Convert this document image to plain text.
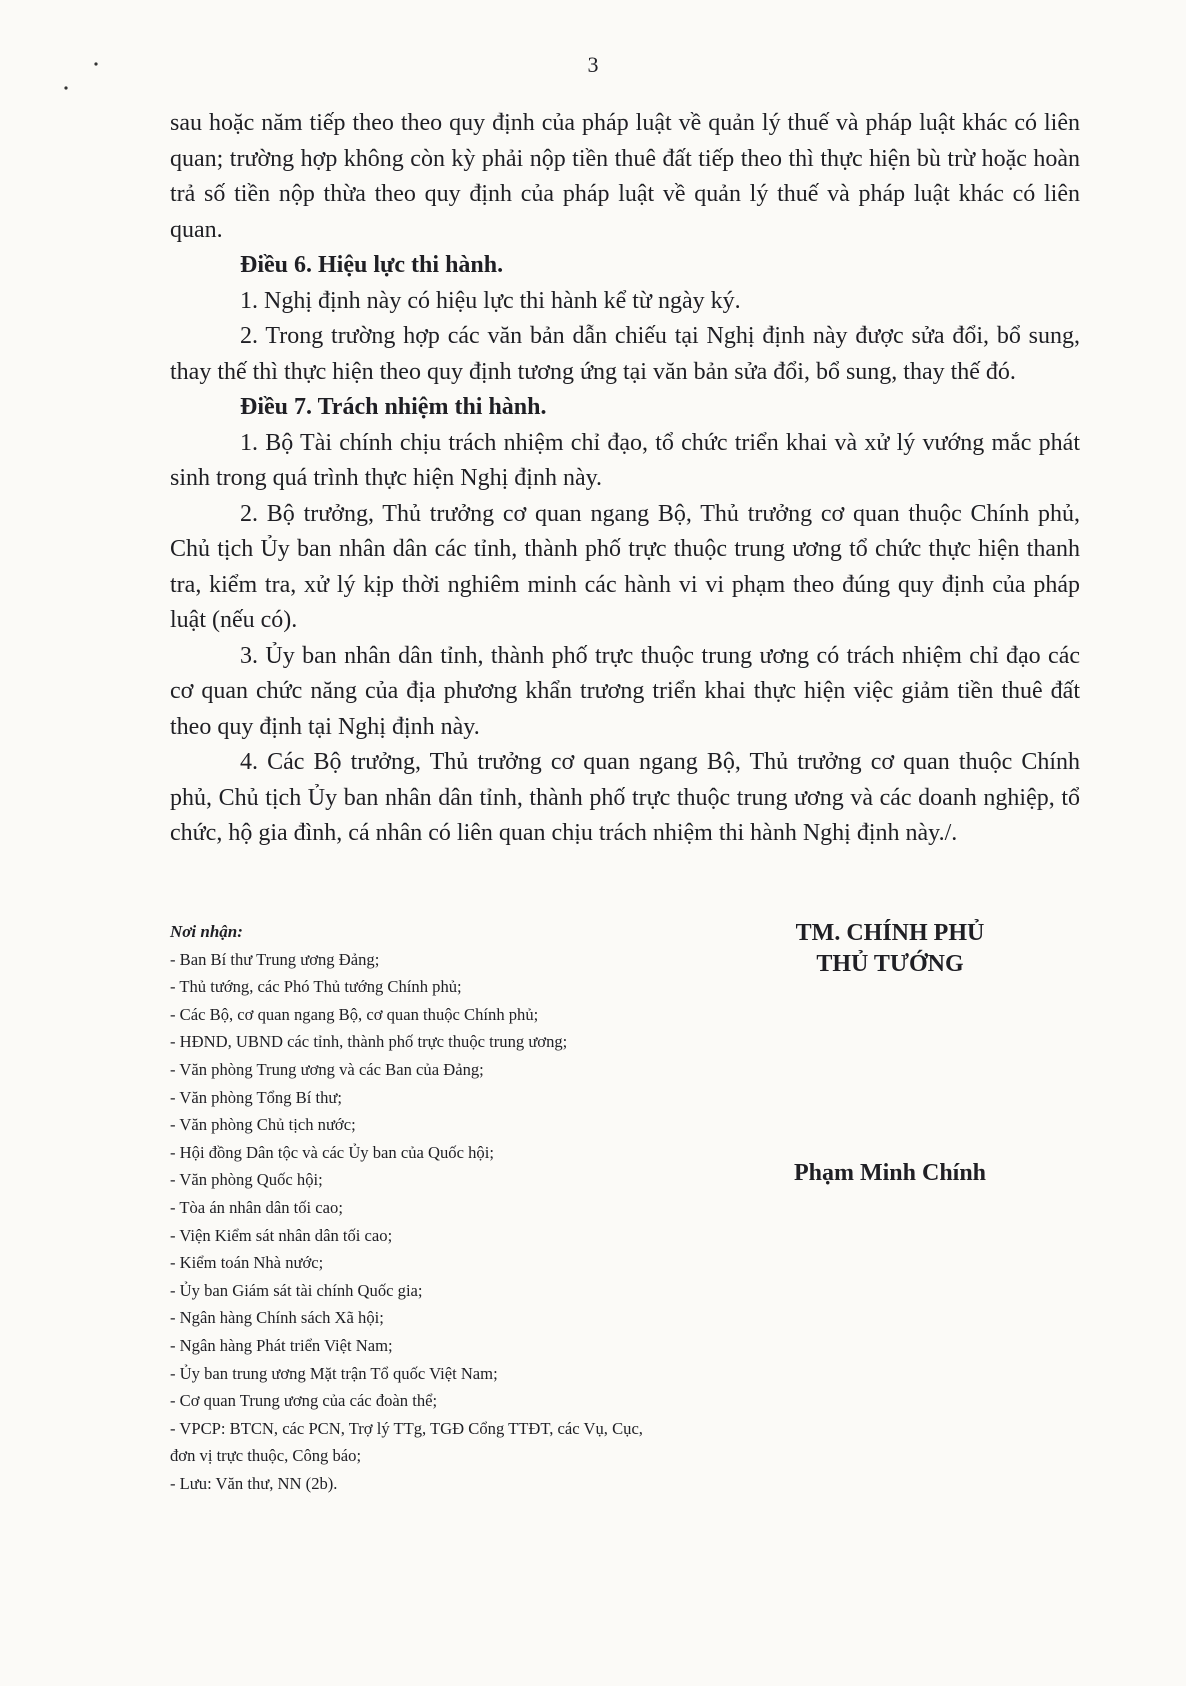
3

sau hoặc năm tiếp theo theo quy định của pháp luật về quản lý thuế và pháp luật khác có liên quan; trường hợp không còn kỳ phải nộp tiền thuê đất tiếp theo thì thực hiện bù trừ hoặc hoàn trả số tiền nộp thừa theo quy định của pháp luật về quản lý thuế và pháp luật khác có liên quan.

Điều 6. Hiệu lực thi hành.

1. Nghị định này có hiệu lực thi hành kể từ ngày ký.

2. Trong trường hợp các văn bản dẫn chiếu tại Nghị định này được sửa đổi, bổ sung, thay thế thì thực hiện theo quy định tương ứng tại văn bản sửa đổi, bổ sung, thay thế đó.

Điều 7. Trách nhiệm thi hành.

1. Bộ Tài chính chịu trách nhiệm chỉ đạo, tổ chức triển khai và xử lý vướng mắc phát sinh trong quá trình thực hiện Nghị định này.

2. Bộ trưởng, Thủ trưởng cơ quan ngang Bộ, Thủ trưởng cơ quan thuộc Chính phủ, Chủ tịch Ủy ban nhân dân các tỉnh, thành phố trực thuộc trung ương tổ chức thực hiện thanh tra, kiểm tra, xử lý kịp thời nghiêm minh các hành vi vi phạm theo đúng quy định của pháp luật (nếu có).

3. Ủy ban nhân dân tỉnh, thành phố trực thuộc trung ương có trách nhiệm chỉ đạo các cơ quan chức năng của địa phương khẩn trương triển khai thực hiện việc giảm tiền thuê đất theo quy định tại Nghị định này.

4. Các Bộ trưởng, Thủ trưởng cơ quan ngang Bộ, Thủ trưởng cơ quan thuộc Chính phủ, Chủ tịch Ủy ban nhân dân tỉnh, thành phố trực thuộc trung ương và các doanh nghiệp, tổ chức, hộ gia đình, cá nhân có liên quan chịu trách nhiệm thi hành Nghị định này./.

Nơi nhận:
- Ban Bí thư Trung ương Đảng;
- Thủ tướng, các Phó Thủ tướng Chính phủ;
- Các Bộ, cơ quan ngang Bộ, cơ quan thuộc Chính phủ;
- HĐND, UBND các tỉnh, thành phố trực thuộc trung ương;
- Văn phòng Trung ương và các Ban của Đảng;
- Văn phòng Tổng Bí thư;
- Văn phòng Chủ tịch nước;
- Hội đồng Dân tộc và các Ủy ban của Quốc hội;
- Văn phòng Quốc hội;
- Tòa án nhân dân tối cao;
- Viện Kiểm sát nhân dân tối cao;
- Kiểm toán Nhà nước;
- Ủy ban Giám sát tài chính Quốc gia;
- Ngân hàng Chính sách Xã hội;
- Ngân hàng Phát triển Việt Nam;
- Ủy ban trung ương Mặt trận Tổ quốc Việt Nam;
- Cơ quan Trung ương của các đoàn thể;
- VPCP: BTCN, các PCN, Trợ lý TTg, TGĐ Cổng TTĐT, các Vụ, Cục, đơn vị trực thuộc, Công báo;
- Lưu: Văn thư, NN (2b).
TM. CHÍNH PHỦ
THỦ TƯỚNG
Phạm Minh Chính
